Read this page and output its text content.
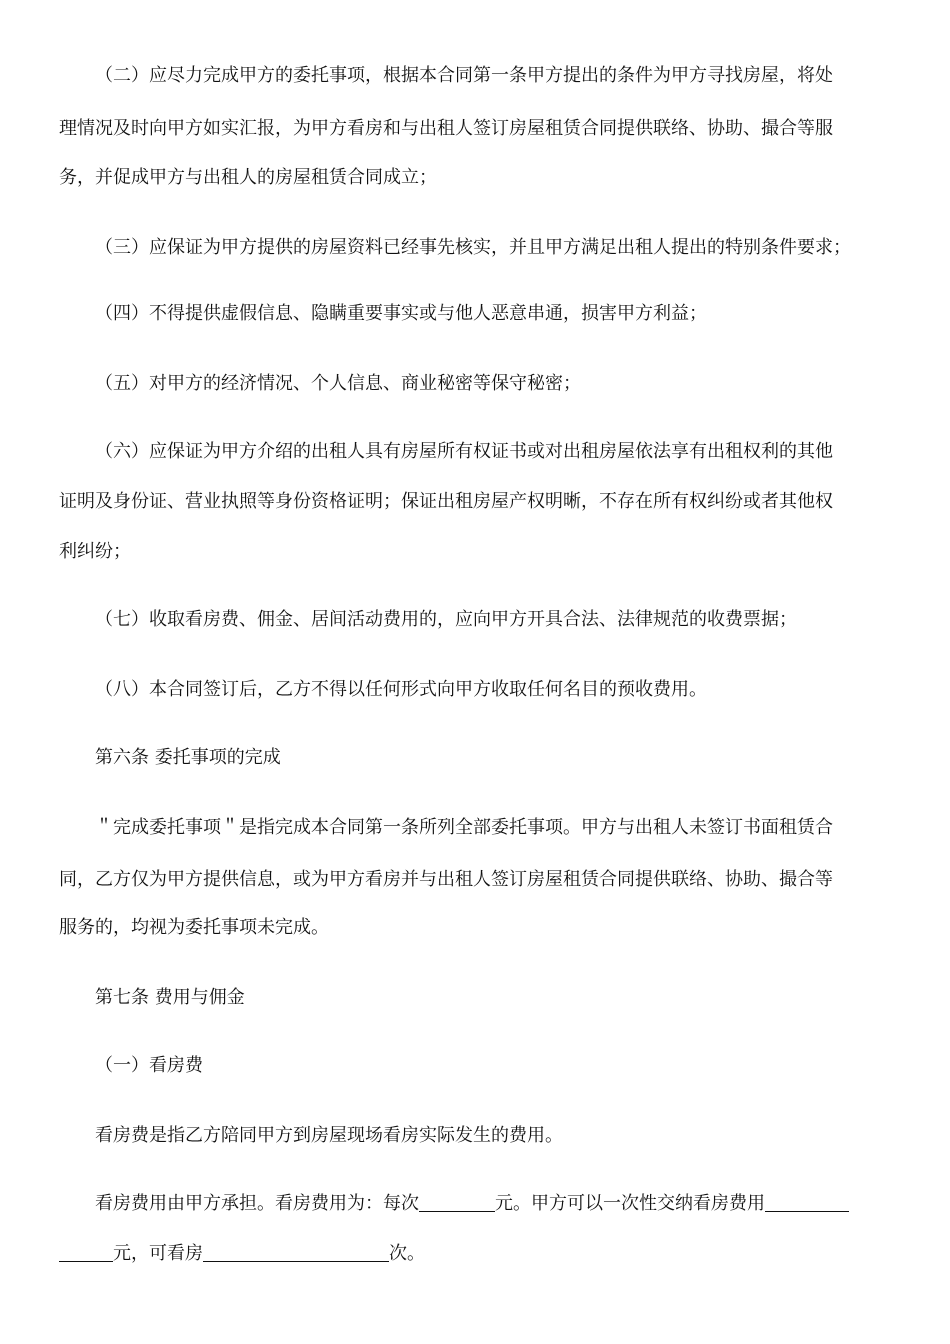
（二）应尽力完成甲方的委托事项，根据本合同第一条甲方提出的条件为甲方寻找房屋，将处
理情况及时向甲方如实汇报，为甲方看房和与出租人签订房屋租赁合同提供联络、协助、撮合等服
务，并促成甲方与出租人的房屋租赁合同成立；
（三）应保证为甲方提供的房屋资料已经事先核实，并且甲方满足出租人提出的特别条件要求；
（四）不得提供虚假信息、隐瞒重要事实或与他人恶意串通，损害甲方利益；
（五）对甲方的经济情况、个人信息、商业秘密等保守秘密；
（六）应保证为甲方介绍的出租人具有房屋所有权证书或对出租房屋依法享有出租权利的其他
证明及身份证、营业执照等身份资格证明；保证出租房屋产权明晰，不存在所有权纠纷或者其他权
利纠纷；
（七）收取看房费、佣金、居间活动费用的，应向甲方开具合法、法律规范的收费票据；
（八）本合同签订后，乙方不得以任何形式向甲方收取任何名目的预收费用。
第六条 委托事项的完成
＂完成委托事项＂是指完成本合同第一条所列全部委托事项。甲方与出租人未签订书面租赁合
同，乙方仅为甲方提供信息，或为甲方看房并与出租人签订房屋租赁合同提供联络、协助、撮合等
服务的，均视为委托事项未完成。
第七条 费用与佣金
（一）看房费
看房费是指乙方陪同甲方到房屋现场看房实际发生的费用。
看房费用由甲方承担。看房费用为：每次	元。甲方可以一次性交纳看房费用
元，可看房	次。
